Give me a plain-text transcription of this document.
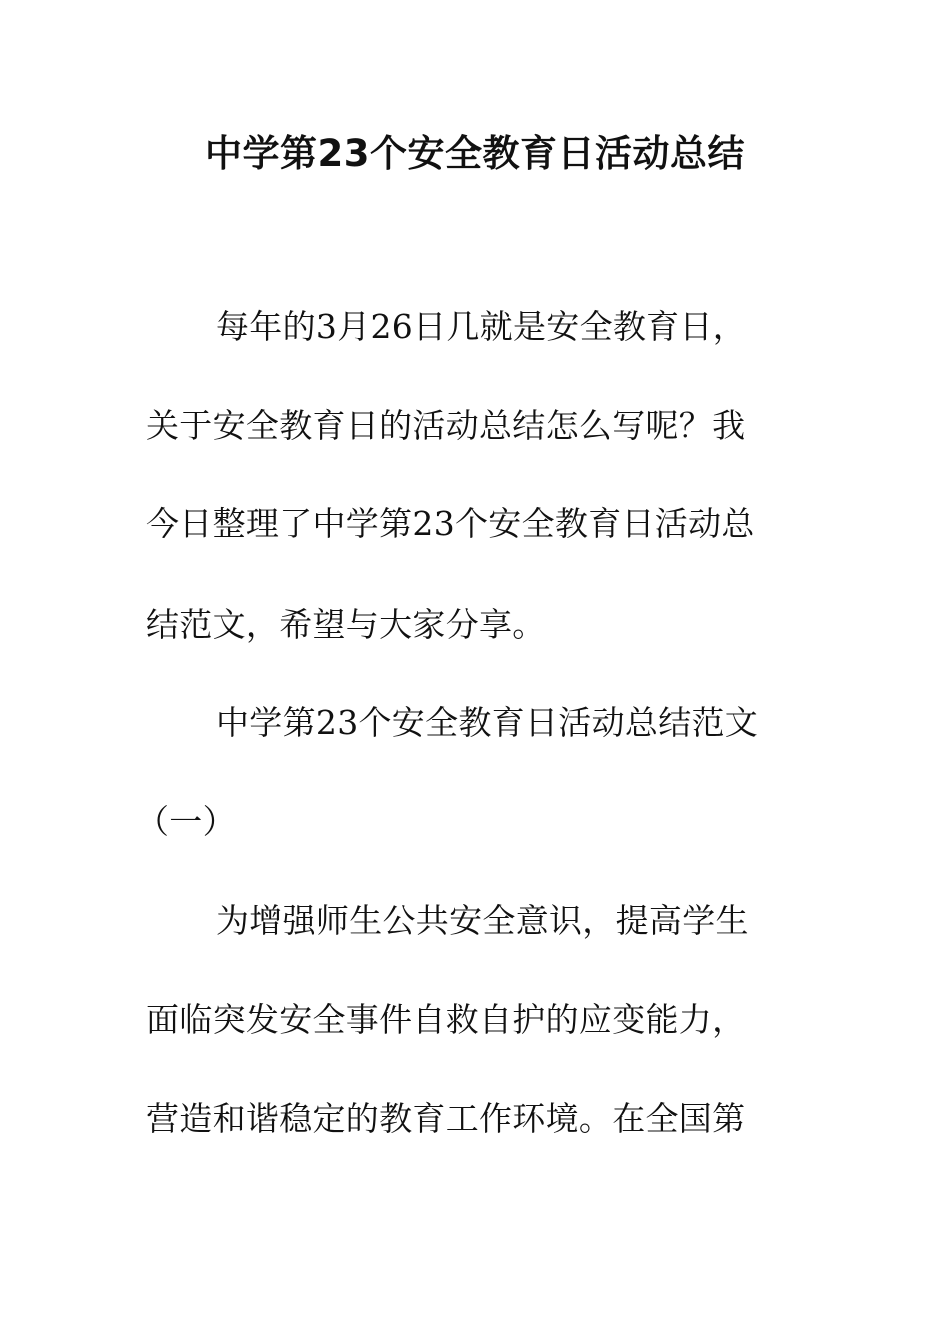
中学第23个安全教育日活动总结

每年的3月26日几就是安全教育日，

关于安全教育日的活动总结怎么写呢？我

今日整理了中学第23个安全教育日活动总

结范文，希望与大家分享。

中学第23个安全教育日活动总结范文

（一）

为增强师生公共安全意识，提高学生

面临突发安全事件自救自护的应变能力，

营造和谐稳定的教育工作环境。在全国第
